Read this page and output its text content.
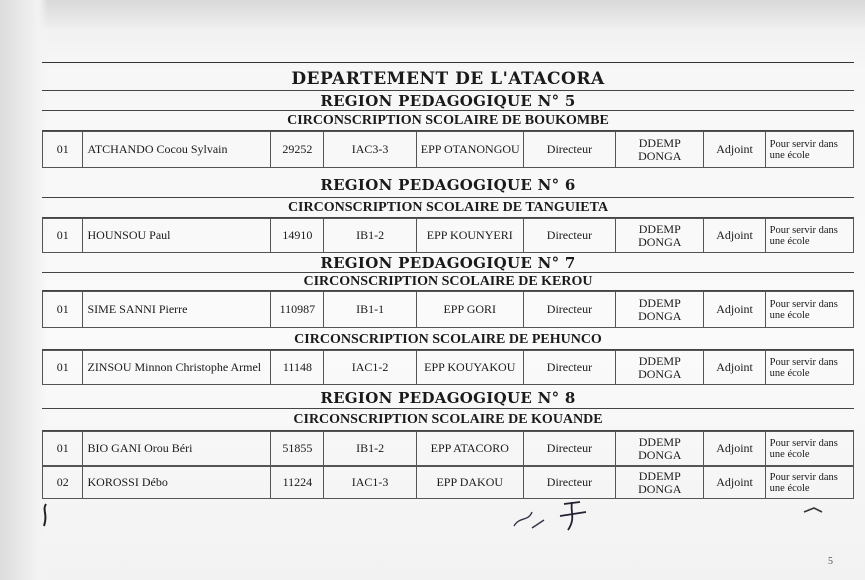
DEPARTEMENT DE L'ATACORA
REGION PEDAGOGIQUE N° 5
CIRCONSCRIPTION SCOLAIRE DE BOUKOMBE
01	ATCHANDO Cocou Sylvain	29252	IAC3-3	EPP OTANONGOU	Directeur	DDEMP DONGA	Adjoint	Pour servir dans une école
REGION PEDAGOGIQUE N° 6
CIRCONSCRIPTION SCOLAIRE DE TANGUIETA
01	HOUNSOU Paul	14910	IB1-2	EPP KOUNYERI	Directeur	DDEMP DONGA	Adjoint	Pour servir dans une école
REGION PEDAGOGIQUE N° 7
CIRCONSCRIPTION SCOLAIRE DE KEROU
01	SIME SANNI Pierre	110987	IB1-1	EPP GORI	Directeur	DDEMP DONGA	Adjoint	Pour servir dans une école
CIRCONSCRIPTION SCOLAIRE DE PEHUNCO
01	ZINSOU Minnon Christophe Armel	11148	IAC1-2	EPP KOUYAKOU	Directeur	DDEMP DONGA	Adjoint	Pour servir dans une école
REGION PEDAGOGIQUE N° 8
CIRCONSCRIPTION SCOLAIRE DE KOUANDE
01	BIO GANI Orou Béri	51855	IB1-2	EPP ATACORO	Directeur	DDEMP DONGA	Adjoint	Pour servir dans une école
02	KOROSSI Débo	11224	IAC1-3	EPP DAKOU	Directeur	DDEMP DONGA	Adjoint	Pour servir dans une école
5
